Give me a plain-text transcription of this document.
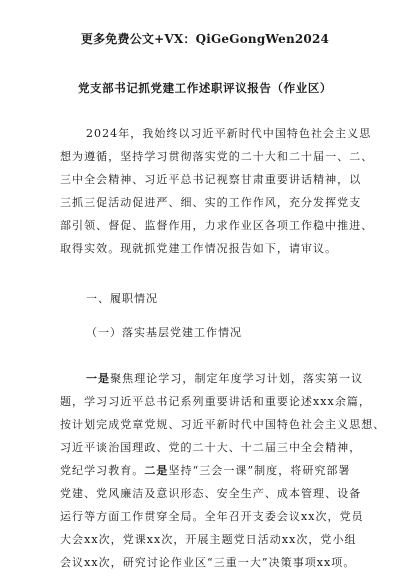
更多免费公文+VX：QiGeGongWen2024
党支部书记抓党建工作述职评议报告（作业区）
2024年，我始终以习近平新时代中国特色社会主义思
想为遵循，坚持学习贯彻落实党的二十大和二十届一、二、
三中全会精神、习近平总书记视察甘肃重要讲话精神，以
三抓三促活动促进严、细、实的工作作风，充分发挥党支
部引领、督促、监督作用，力求作业区各项工作稳中推进、
取得实效。现就抓党建工作情况报告如下，请审议。
一、履职情况
（一）落实基层党建工作情况
一是聚焦理论学习，制定年度学习计划，落实第一议
题，学习习近平总书记系列重要讲话和重要论述xxx余篇，
按计划完成党章党规、习近平新时代中国特色社会主义思想、
习近平谈治国理政、党的二十大、十二届三中全会精神，
党纪学习教育。二是坚持“三会一课”制度，将研究部署
党建、党风廉洁及意识形态、安全生产、成本管理、设备
运行等方面工作贯穿全局。全年召开支委会议xx次，党员
大会xx次，党课xx次，开展主题党日活动xx次，党小组
会议xx次，研究讨论作业区“三重一大”决策事项xx项。
